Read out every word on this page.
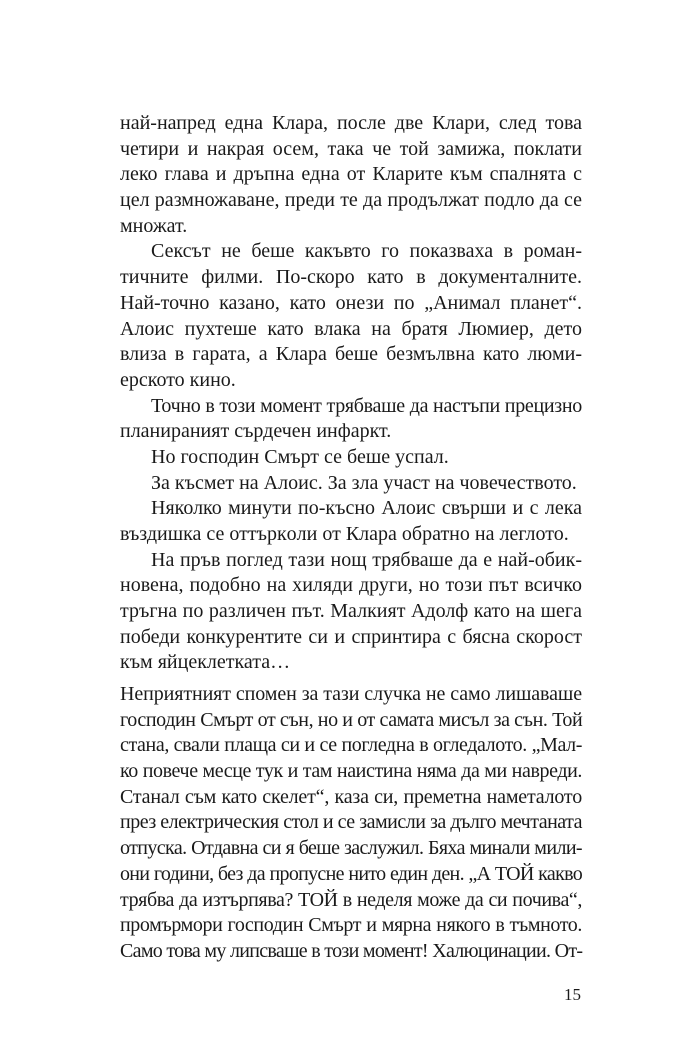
най-напред една Клара, после две Клари, след това
четири и накрая осем, така че той замижа, поклати
леко глава и дръпна една от Кларите към спалнята с
цел размножаване, преди те да продължат подло да се
множат.
Сексът не беше какъвто го показваха в роман-
тичните филми. По-скоро като в документалните.
Най-точно казано, като онези по „Анимал планет“.
Алоис пухтеше като влака на братя Люмиер, дето
влиза в гарата, а Клара беше безмълвна като люми-
ерското кино.
Точно в този момент трябваше да настъпи прецизно
планираният сърдечен инфаркт.
Но господин Смърт се беше успал.
За късмет на Алоис. За зла участ на човечеството.
Няколко минути по-късно Алоис свърши и с лека
въздишка се оттъркoли от Клара обратно на леглото.
На пръв поглед тази нощ трябваше да е най-обик-
новена, подобно на хиляди други, но този път всичко
тръгна по различен път. Малкият Адолф като на шега
победи конкурентите си и спринтира с бясна скорост
към яйцеклетката…
Неприятният спомен за тази случка не само лишаваше
господин Смърт от сън, но и от самата мисъл за сън. Той
стана, свали плаща си и се погледна в огледалото. „Мал-
ко повече месце тук и там наистина няма да ми навреди.
Станал съм като скелет“, каза си, преметна наметалото
през електрическия стол и се замисли за дълго мечтаната
отпуска. Отдавна си я беше заслужил. Бяха минали мили-
они години, без да пропусне нито един ден. „А ТОЙ какво
трябва да изтърпява? ТОЙ в неделя може да си почива“,
промърмори господин Смърт и мярна някого в тъмното.
Само това му липсваше в този момент! Халюцинации. От-
15
